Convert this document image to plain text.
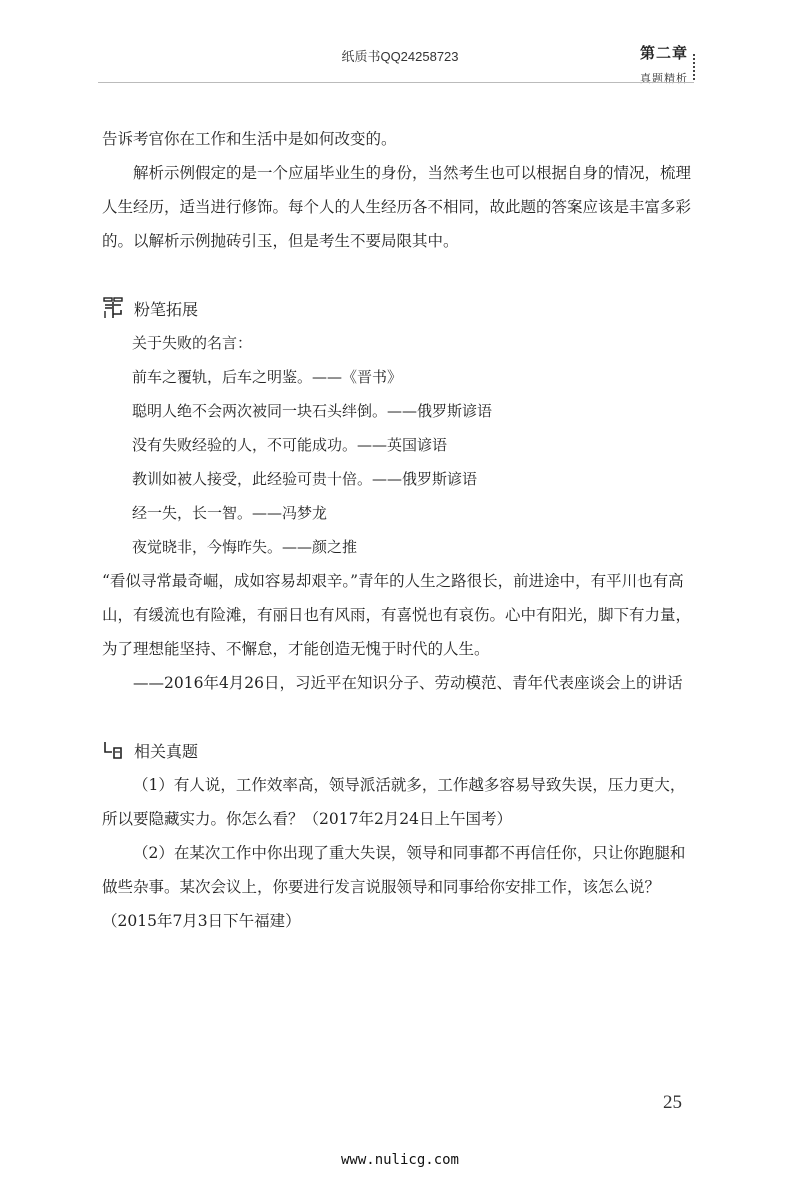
纸质书QQ24258723	第二章
真题精析

告诉考官你在工作和生活中是如何改变的。

解析示例假定的是一个应届毕业生的身份，当然考生也可以根据自身的情况，梳理人生经历，适当进行修饰。每个人的人生经历各不相同，故此题的答案应该是丰富多彩的。以解析示例抛砖引玉，但是考生不要局限其中。

粉笔拓展

关于失败的名言：

前车之覆轨，后车之明鉴。——《晋书》

聪明人绝不会两次被同一块石头绊倒。——俄罗斯谚语

没有失败经验的人，不可能成功。——英国谚语

教训如被人接受，此经验可贵十倍。——俄罗斯谚语

经一失，长一智。——冯梦龙

夜觉晓非，今悔昨失。——颜之推

“看似寻常最奇崛，成如容易却艰辛。”青年的人生之路很长，前进途中，有平川也有高山，有缓流也有险滩，有丽日也有风雨，有喜悦也有哀伤。心中有阳光，脚下有力量，为了理想能坚持、不懈怠，才能创造无愧于时代的人生。

——2016年4月26日，习近平在知识分子、劳动模范、青年代表座谈会上的讲话

相关真题

（1）有人说，工作效率高，领导派活就多，工作越多容易导致失误，压力更大，所以要隐藏实力。你怎么看？（2017年2月24日上午国考）

（2）在某次工作中你出现了重大失误，领导和同事都不再信任你，只让你跑腿和做些杂事。某次会议上，你要进行发言说服领导和同事给你安排工作，该怎么说？（2015年7月3日下午福建）

25
www.nulicg.com
